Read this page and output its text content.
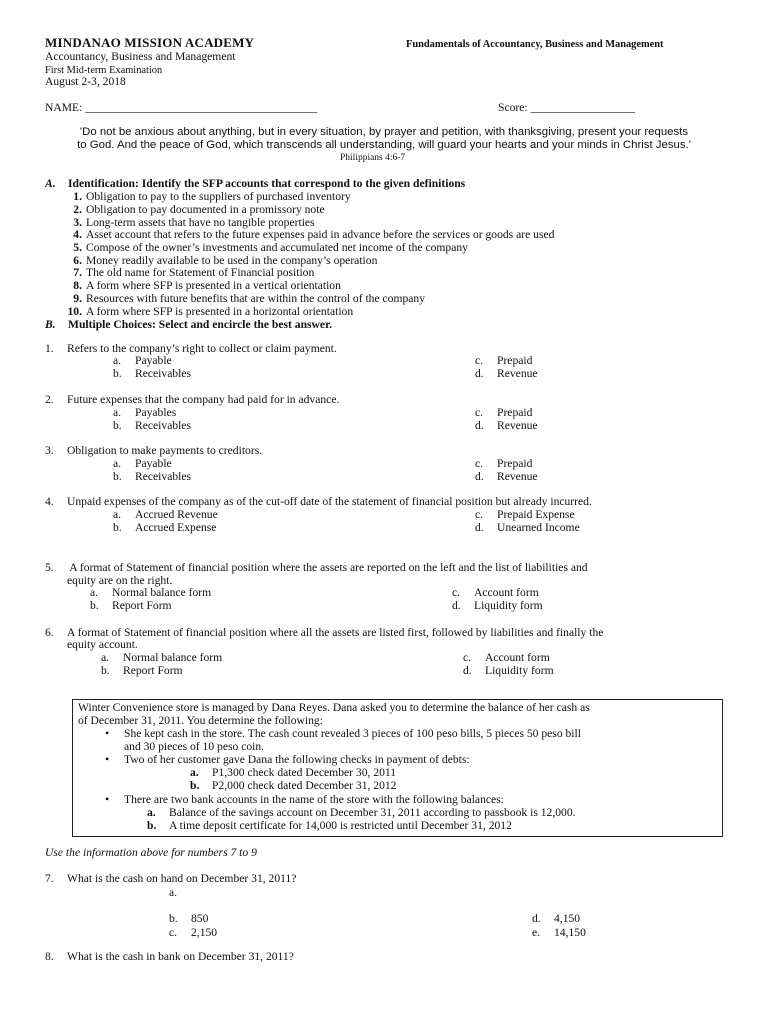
MINDANAO MISSION ACADEMY	Fundamentals of Accountancy, Business and Management
Accountancy, Business and Management
First Mid-term Examination
August 2-3, 2018
NAME: ________________________________________	Score: __________________
'Do not be anxious about anything, but in every situation, by prayer and petition, with thanksgiving, present your requests
to God. And the peace of God, which transcends all understanding, will guard your hearts and your minds in Christ Jesus.'
Philippians 4:6-7
A. Identification: Identify the SFP accounts that correspond to the given definitions
1. Obligation to pay to the suppliers of purchased inventory
2. Obligation to pay documented in a promissory note
3. Long-term assets that have no tangible properties
4. Asset account that refers to the future expenses paid in advance before the services or goods are used
5. Compose of the owner’s investments and accumulated net income of the company
6. Money readily available to be used in the company’s operation
7. The old name for Statement of Financial position
8. A form where SFP is presented in a vertical orientation
9. Resources with future benefits that are within the control of the company
10. A form where SFP is presented in a horizontal orientation
B. Multiple Choices: Select and encircle the best answer.
1. Refers to the company’s right to collect or claim payment.
a. Payable
b. Receivables
c. Prepaid
d. Revenue
2. Future expenses that the company had paid for in advance.
a. Payables
b. Receivables
c. Prepaid
d. Revenue
3. Obligation to make payments to creditors.
a. Payable
b. Receivables
c. Prepaid
d. Revenue
4. Unpaid expenses of the company as of the cut-off date of the statement of financial position but already incurred.
a. Accrued Revenue
b. Accrued Expense
c. Prepaid Expense
d. Unearned Income
5. A format of Statement of financial position where the assets are reported on the left and the list of liabilities and
equity are on the right.
a. Normal balance form
b. Report Form
c. Account form
d. Liquidity form
6. A format of Statement of financial position where all the assets are listed first, followed by liabilities and finally the
equity account.
a. Normal balance form
b. Report Form
c. Account form
d. Liquidity form
Winter Convenience store is managed by Dana Reyes. Dana asked you to determine the balance of her cash as
of December 31, 2011. You determine the following:
• She kept cash in the store. The cash count revealed 3 pieces of 100 peso bills, 5 pieces 50 peso bill
and 30 pieces of 10 peso coin.
• Two of her customer gave Dana the following checks in payment of debts:
a. P1,300 check dated December 30, 2011
b. P2,000 check dated December 31, 2012
• There are two bank accounts in the name of the store with the following balances:
a. Balance of the savings account on December 31, 2011 according to passbook is 12,000.
b. A time deposit certificate for 14,000 is restricted until December 31, 2012
Use the information above for numbers 7 to 9
7. What is the cash on hand on December 31, 2011?
a.
b. 850
c. 2,150
d. 4,150
e. 14,150
8. What is the cash in bank on December 31, 2011?
